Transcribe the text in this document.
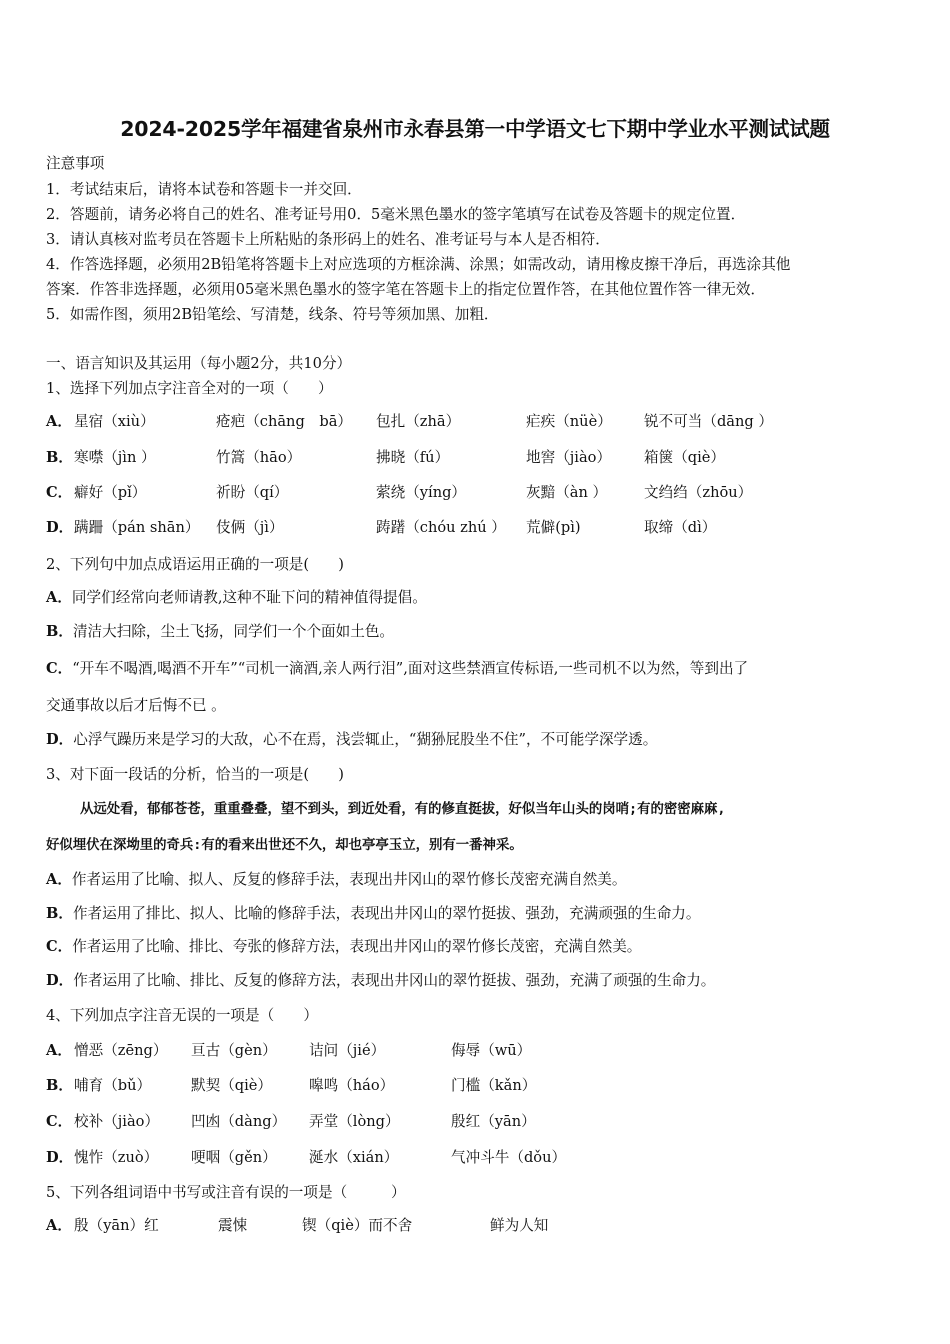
2024-2025学年福建省泉州市永春县第一中学语文七下期中学业水平测试试题
注意事项
1．考试结束后，请将本试卷和答题卡一并交回．
2．答题前，请务必将自己的姓名、准考证号用0．5毫米黑色墨水的签字笔填写在试卷及答题卡的规定位置．
3．请认真核对监考员在答题卡上所粘贴的条形码上的姓名、准考证号与本人是否相符．
4．作答选择题，必须用2B铅笔将答题卡上对应选项的方框涂满、涂黑；如需改动，请用橡皮擦干净后，再选涂其他
答案．作答非选择题，必须用05毫米黑色墨水的签字笔在答题卡上的指定位置作答，在其他位置作答一律无效．
5．如需作图，须用2B铅笔绘、写清楚，线条、符号等须加黑、加粗．
一、语言知识及其运用（每小题2分，共10分）
1、选择下列加点字注音全对的一项（　　）
A． 星宿（xiù）	疮疤（chāng　bā） 包扎（zhā）	疟疾（nüè） 锐不可当（dāng ）
B． 寒噤（jìn ）	竹篙（hāo）	拂晓（fú）	地窖（jiào） 箱箧（qiè）
C． 癖好（pǐ）	祈盼（qí）	萦绕（yíng）	灰黯（àn ）	文绉绉（zhōu）
D． 蹒跚（pán shān） 伎俩（jì）	踌躇（chóu zhú ） 荒僻(pì)	取缔（dì）
2、下列句中加点成语运用正确的一项是(　　)
A．同学们经常向老师请教,这种不耻下问的精神值得提倡。
B．清洁大扫除，尘土飞扬，同学们一个个面如土色。
C．“开车不喝酒,喝酒不开车”“司机一滴酒,亲人两行泪”,面对这些禁酒宣传标语,一些司机不以为然，等到出了
交通事故以后才后悔不已 。
D．心浮气躁历来是学习的大敌，心不在焉，浅尝辄止，“猢狲屁股坐不住”，不可能学深学透。
3、对下面一段话的分析，恰当的一项是(　　)
从远处看，郁郁苍苍，重重叠叠，望不到头，到近处看，有的修直挺拔，好似当年山头的岗哨;有的密密麻麻,
好似埋伏在深坳里的奇兵:有的看来出世还不久，却也亭亭玉立，别有一番神采。
A．作者运用了比喻、拟人、反复的修辞手法，表现出井冈山的翠竹修长茂密充满自然美。
B．作者运用了排比、拟人、比喻的修辞手法，表现出井冈山的翠竹挺拔、强劲，充满顽强的生命力。
C．作者运用了比喻、排比、夸张的修辞方法，表现出井冈山的翠竹修长茂密，充满自然美。
D．作者运用了比喻、排比、反复的修辞方法，表现出井冈山的翠竹挺拔、强劲，充满了顽强的生命力。
4、下列加点字注音无误的一项是（　　）
A． 憎恶（zēng） 亘古（gèn） 诘问（jié）	侮辱（wū）
B． 哺育（bǔ）	默契（qiè）	嗥鸣（háo）	门槛（kǎn）
C． 校补（jiào） 凹凼（dàng） 弄堂（lòng）	殷红（yān）
D． 愧怍（zuò） 哽咽（gěn） 涎水（xián）	气冲斗牛（dǒu）
5、下列各组词语中书写或注音有误的一项是（　　　）
A． 殷（yān）红	震悚	锲（qiè）而不舍	鲜为人知
